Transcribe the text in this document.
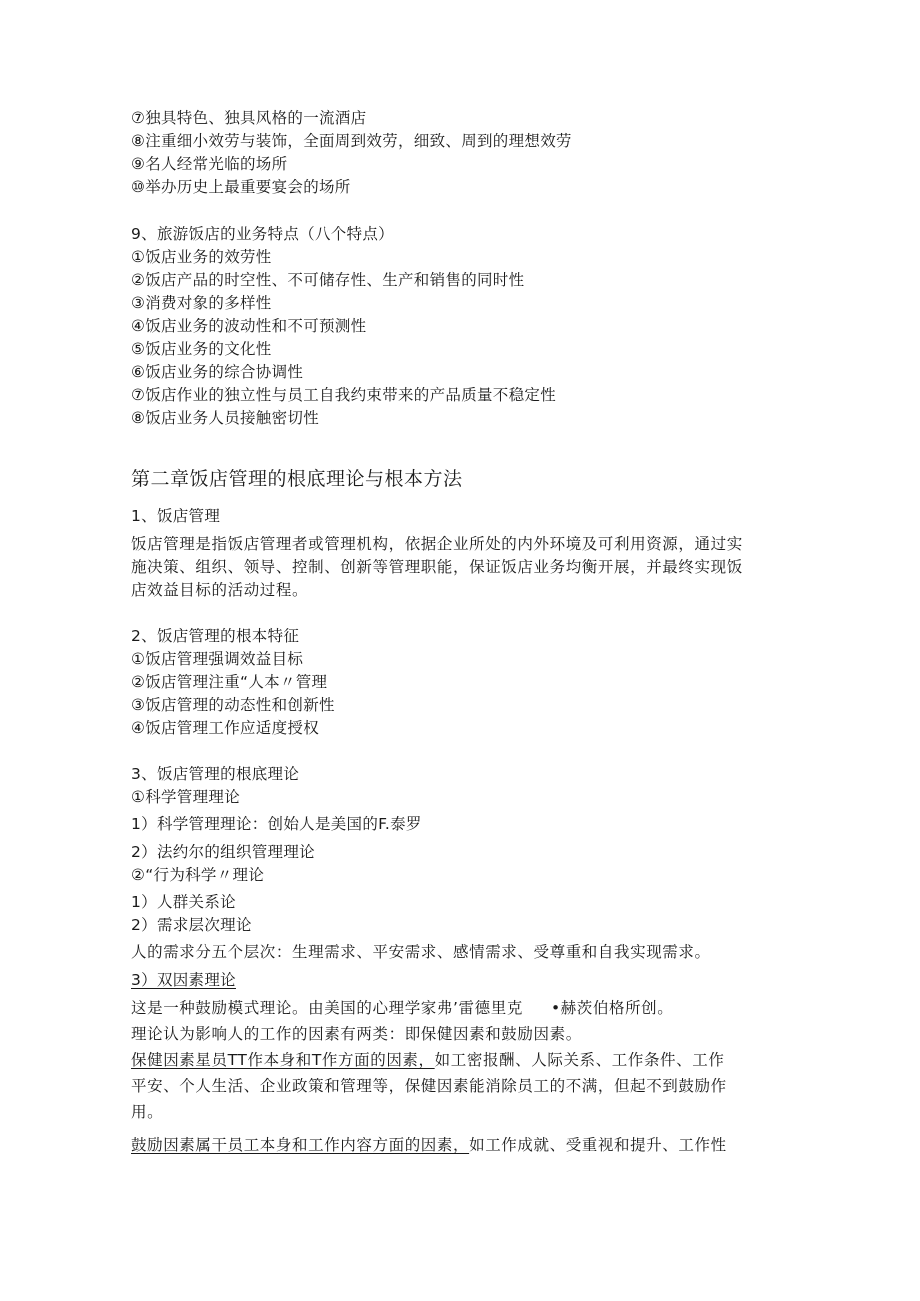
⑦独具特色、独具风格的一流酒店
⑧注重细小效劳与装饰，全面周到效劳，细致、周到的理想效劳
⑨名人经常光临的场所
⑩举办历史上最重要宴会的场所
9、旅游饭店的业务特点（八个特点）
①饭店业务的效劳性
②饭店产品的时空性、不可储存性、生产和销售的同时性
③消费对象的多样性
④饭店业务的波动性和不可预测性
⑤饭店业务的文化性
⑥饭店业务的综合协调性
⑦饭店作业的独立性与员工自我约束带来的产品质量不稳定性
⑧饭店业务人员接触密切性
第二章饭店管理的根底理论与根本方法
1、饭店管理
饭店管理是指饭店管理者或管理机构，依据企业所处的内外环境及可利用资源，通过实
施决策、组织、领导、控制、创新等管理职能，保证饭店业务均衡开展，并最终实现饭
店效益目标的活动过程。
2、饭店管理的根本特征
①饭店管理强调效益目标
②饭店管理注重“人本〃管理
③饭店管理的动态性和创新性
④饭店管理工作应适度授权
3、饭店管理的根底理论
①科学管理理论
1）科学管理理论：创始人是美国的F.泰罗
2）法约尔的组织管理理论
②“行为科学〃理论
1）人群关系论
2）需求层次理论
人的需求分五个层次：生理需求、平安需求、感情需求、受尊重和自我实现需求。
3）双因素理论
这是一种鼓励模式理论。由美国的心理学家弗’雷德里克 •赫茨伯格所创。
理论认为影响人的工作的因素有两类：即保健因素和鼓励因素。
保健因素星员TT作本身和T作方面的因素，如工密报酬、人际关系、工作条件、工作
平安、个人生活、企业政策和管理等，保健因素能消除员工的不满，但起不到鼓励作
用。
鼓励因素属干员工本身和工作内容方面的因素，如工作成就、受重视和提升、工作性
